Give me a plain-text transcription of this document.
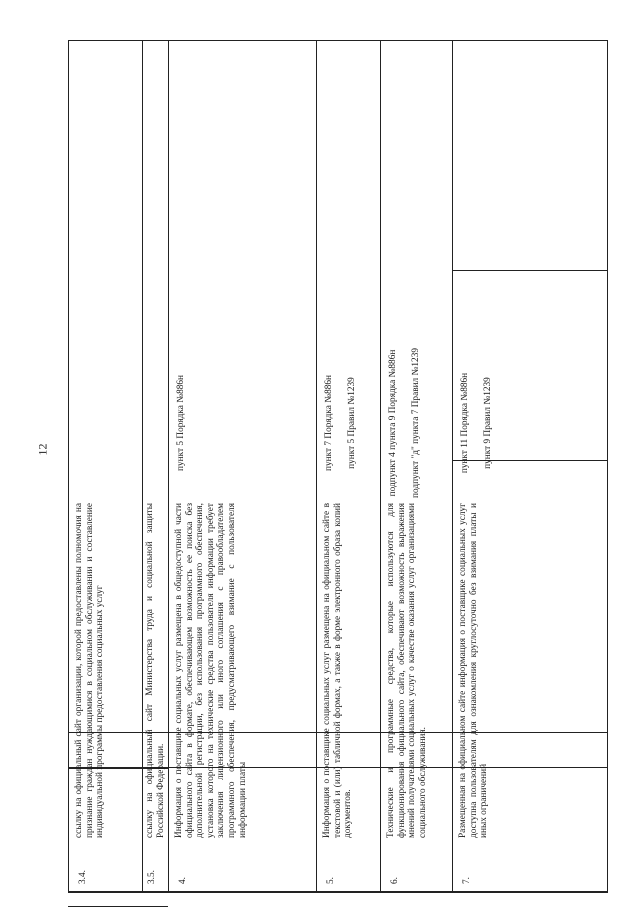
12
3.4.
ссылку на официальный сайт организации, которой предоставлены полномочия на признание граждан нуждающимися в социальном обслуживании и составление индивидуальной программы предоставления социальных услуг
3.5.
ссылку на официальный сайт Министерства труда и социальной защиты Российской Федерации.
4.
Информация о поставщике социальных услуг размещена в общедоступной части официального сайта в формате, обеспечивающем возможность ее поиска без дополнительной регистрации, без использования программного обеспечения, установка которого на технические средства пользователя информации требует заключения лицензионного или иного соглашения с правообладателем программного обеспечения, предусматривающего взимание с пользователя информации платы

пункт 5 Порядка №886н

5.
Информация о поставщике социальных услуг размещена на официальном сайте в текстовой и (или) табличной формах, а также в форме электронного образа копий документов.

пункт 7 Порядка №886н пункт 5 Правил №1239

6.
Технические и программные средства, которые используются для функционирования официального сайта, обеспечивают возможность выражения мнений получателями социальных услуг о качестве оказания услуг организациями социального обслуживания.

подпункт 4 пункта 9 Порядка №886н подпункт "д" пункта 7 Правил №1239

7.
Размещенная на официальном сайте информация о поставщике социальных услуг доступна пользователям для ознакомления круглосуточно без взимания платы и иных ограничений

пункт 11 Порядка №886н пункт 9 Правил №1239
